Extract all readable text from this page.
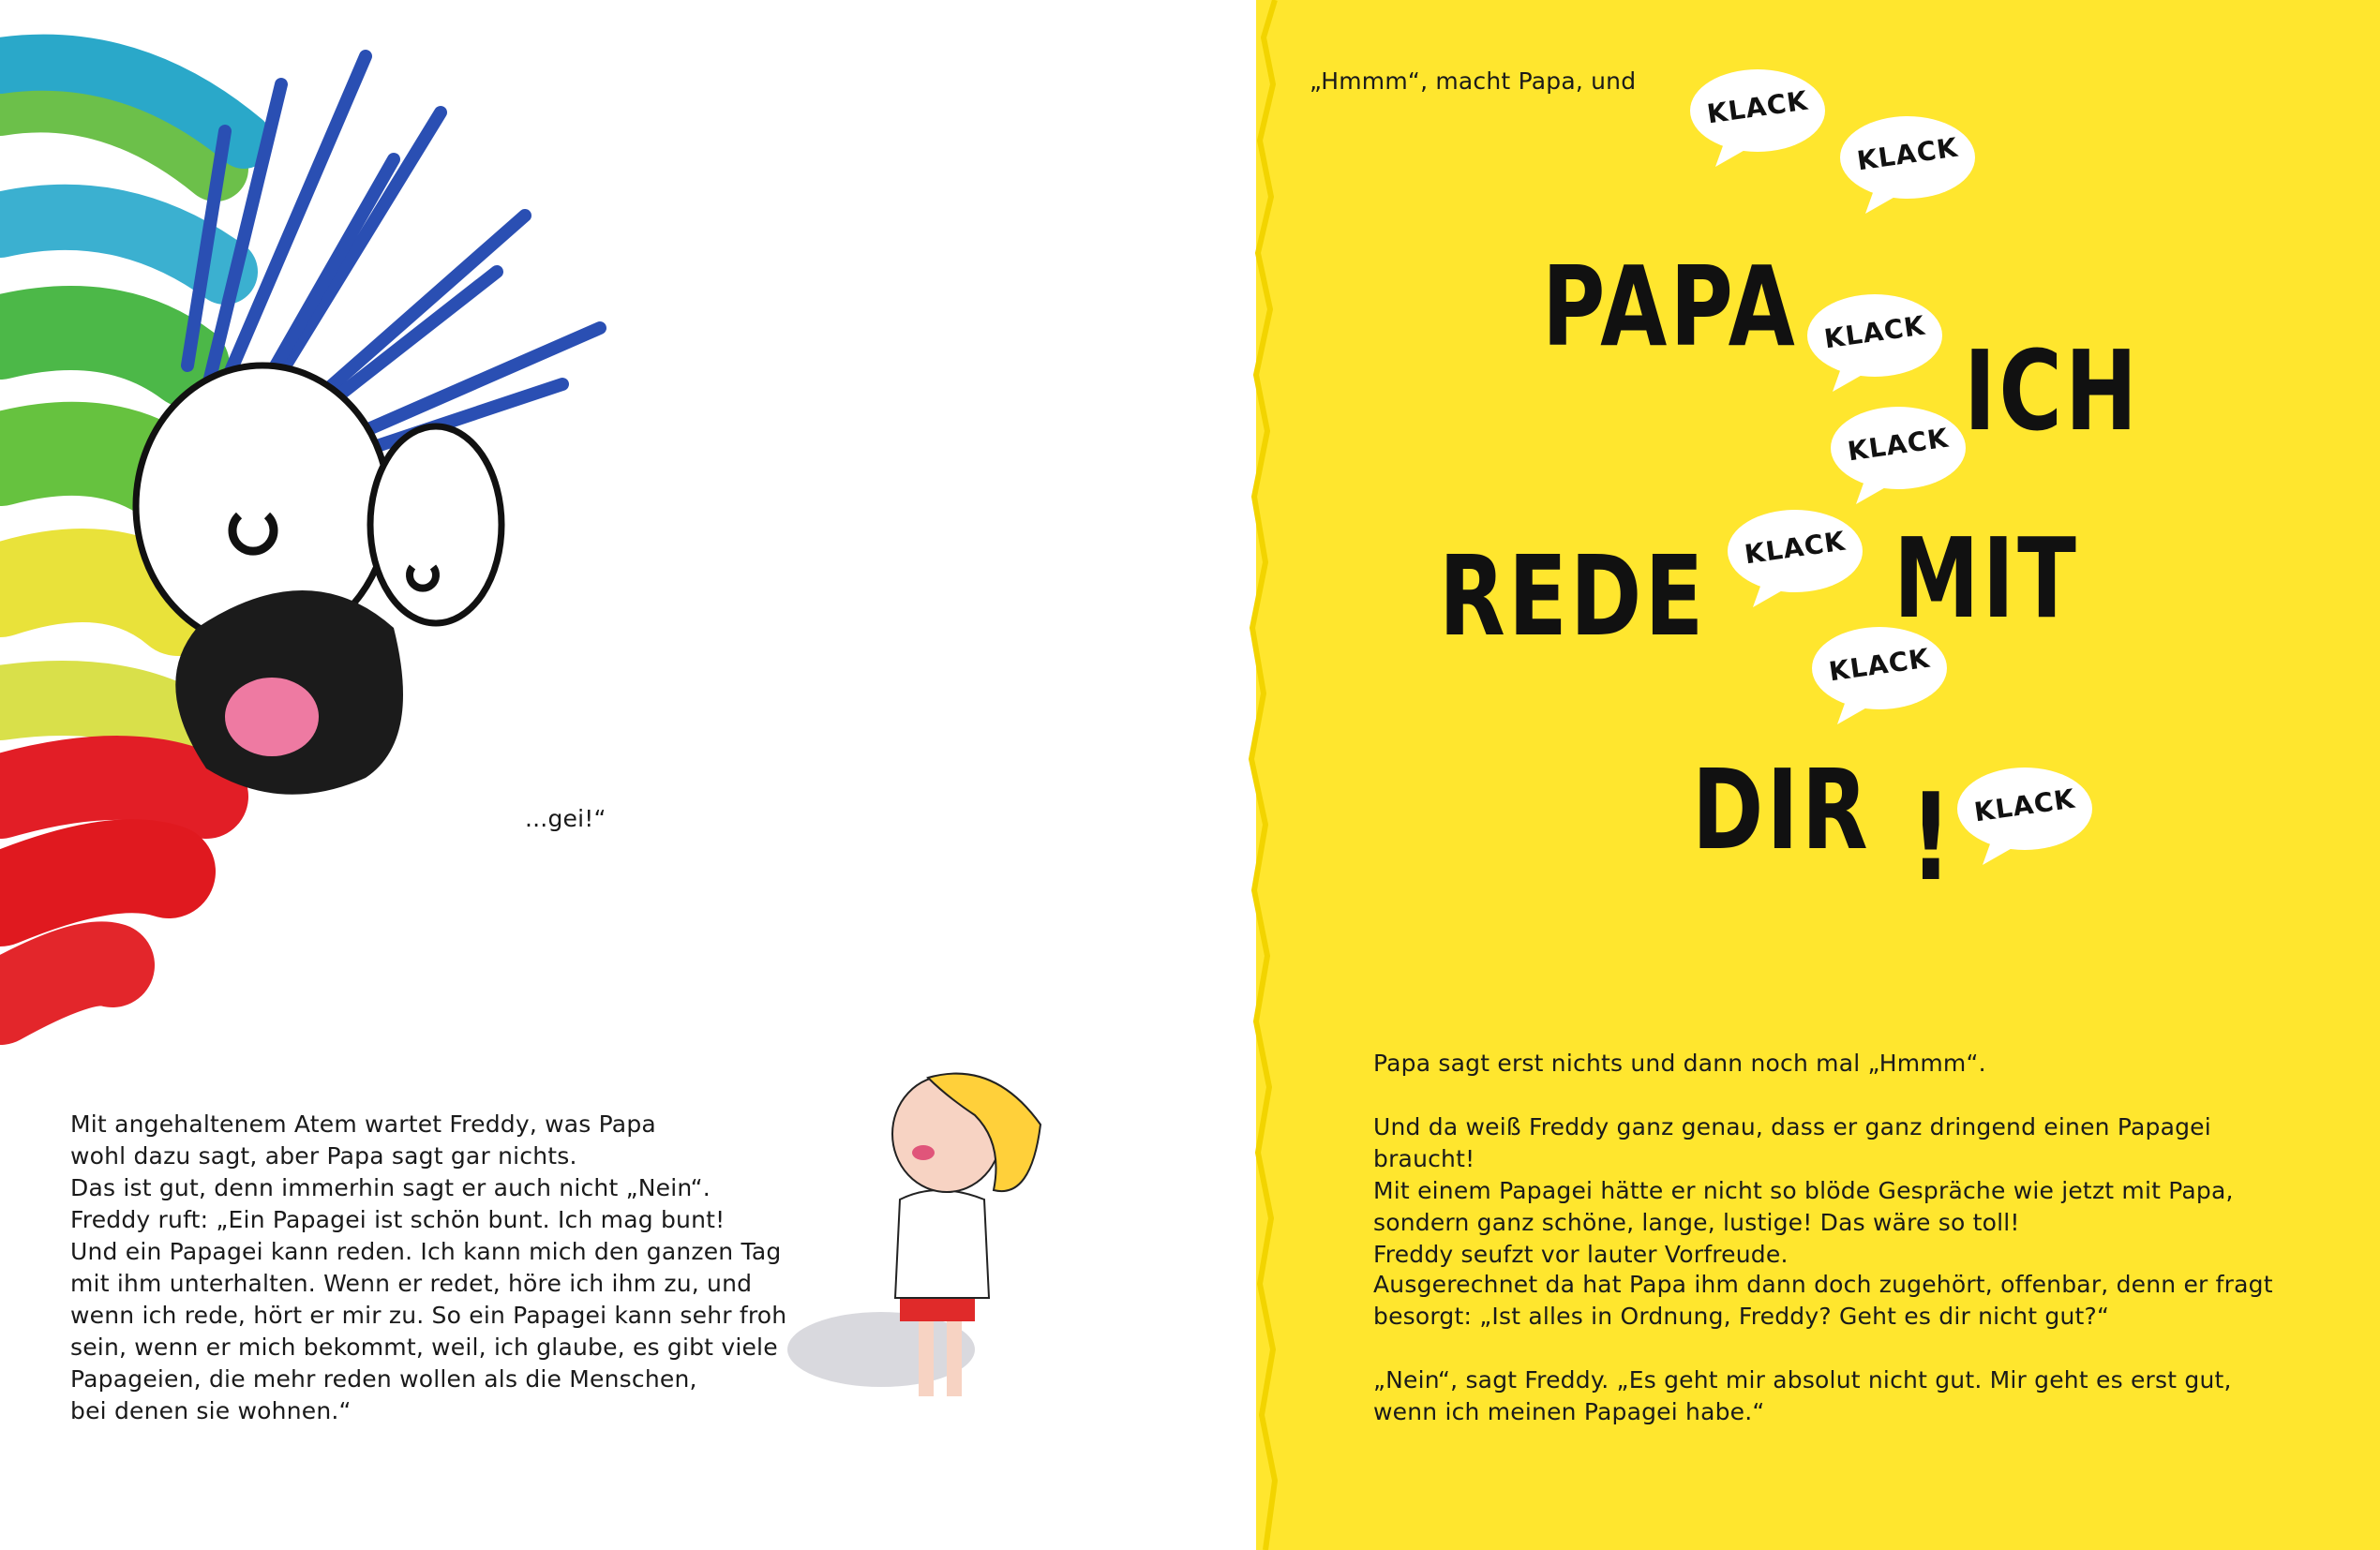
...gei!“
Mit angehaltenem Atem wartet Freddy, was Papa
wohl dazu sagt, aber Papa sagt gar nichts.
Das ist gut, denn immerhin sagt er auch nicht „Nein“.
Freddy ruft: „Ein Papagei ist schön bunt. Ich mag bunt!
Und ein Papagei kann reden. Ich kann mich den ganzen Tag
mit ihm unterhalten. Wenn er redet, höre ich ihm zu, und
wenn ich rede, hört er mir zu. So ein Papagei kann sehr froh
sein, wenn er mich bekommt, weil, ich glaube, es gibt viele
Papageien, die mehr reden wollen als die Menschen,
bei denen sie wohnen.“
„Hmmm“, macht Papa, und
PAPA
ICH
REDE MIT
DIR !
KLACK
KLACK
KLACK
KLACK
KLACK
KLACK
KLACK
Papa sagt erst nichts und dann noch mal „Hmmm“.
Und da weiß Freddy ganz genau, dass er ganz dringend einen Papagei braucht!
Mit einem Papagei hätte er nicht so blöde Gespräche wie jetzt mit Papa,
sondern ganz schöne, lange, lustige! Das wäre so toll!
Freddy seufzt vor lauter Vorfreude.
Ausgerechnet da hat Papa ihm dann doch zugehört, offenbar, denn er fragt
besorgt: „Ist alles in Ordnung, Freddy? Geht es dir nicht gut?“
„Nein“, sagt Freddy. „Es geht mir absolut nicht gut. Mir geht es erst gut,
wenn ich meinen Papagei habe.“
